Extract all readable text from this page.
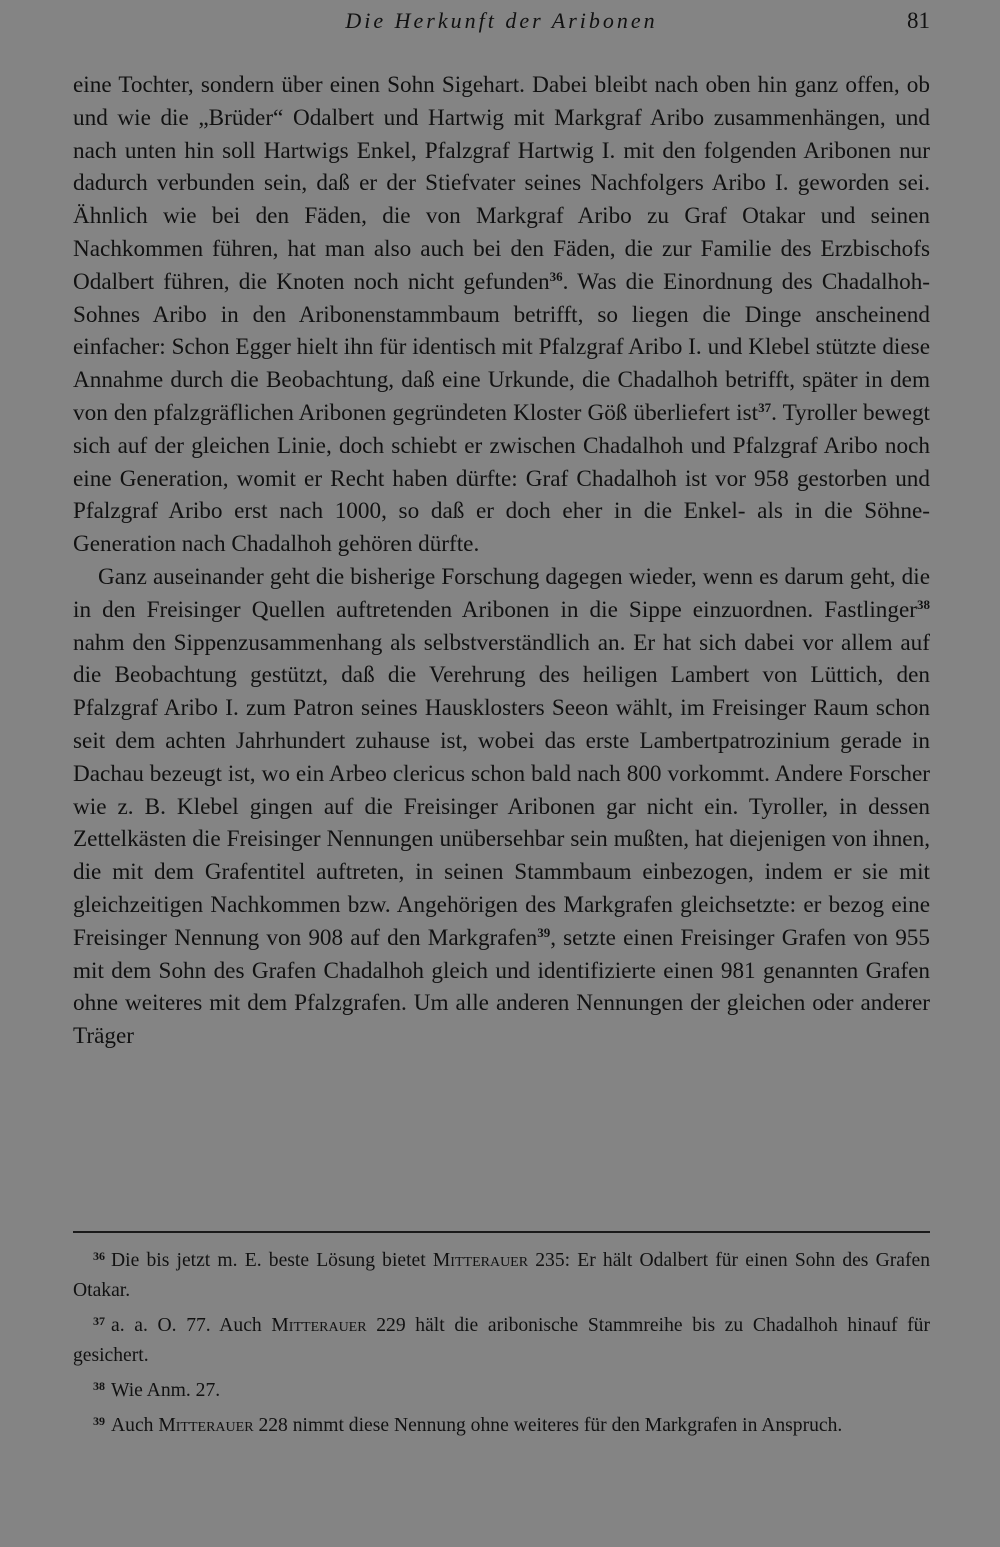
Die Herkunft der Aribonen	81

eine Tochter, sondern über einen Sohn Sigehart. Dabei bleibt nach oben hin ganz offen, ob und wie die „Brüder“ Odalbert und Hartwig mit Markgraf Aribo zusammenhängen, und nach unten hin soll Hartwigs Enkel, Pfalzgraf Hartwig I. mit den folgenden Aribonen nur dadurch verbunden sein, daß er der Stiefvater seines Nachfolgers Aribo I. geworden sei. Ähnlich wie bei den Fäden, die von Markgraf Aribo zu Graf Otakar und seinen Nachkommen führen, hat man also auch bei den Fäden, die zur Familie des Erzbischofs Odalbert führen, die Knoten noch nicht gefunden$^{36}$. Was die Einordnung des Chadalhoh-Sohnes Aribo in den Aribonenstammbaum betrifft, so liegen die Dinge anscheinend einfacher: Schon Egger hielt ihn für identisch mit Pfalzgraf Aribo I. und Klebel stützte diese Annahme durch die Beobachtung, daß eine Urkunde, die Chadalhoh betrifft, später in dem von den pfalzgräflichen Aribonen gegründeten Kloster Göß überliefert ist$^{37}$. Tyroller bewegt sich auf der gleichen Linie, doch schiebt er zwischen Chadalhoh und Pfalzgraf Aribo noch eine Generation, womit er Recht haben dürfte: Graf Chadalhoh ist vor 958 gestorben und Pfalzgraf Aribo erst nach 1000, so daß er doch eher in die Enkel- als in die Söhne-Generation nach Chadalhoh gehören dürfte.

Ganz auseinander geht die bisherige Forschung dagegen wieder, wenn es darum geht, die in den Freisinger Quellen auftretenden Aribonen in die Sippe einzuordnen. Fastlinger$^{38}$ nahm den Sippenzusammenhang als selbstverständlich an. Er hat sich dabei vor allem auf die Beobachtung gestützt, daß die Verehrung des heiligen Lambert von Lüttich, den Pfalzgraf Aribo I. zum Patron seines Hausklosters Seeon wählt, im Freisinger Raum schon seit dem achten Jahrhundert zuhause ist, wobei das erste Lambertpatrozinium gerade in Dachau bezeugt ist, wo ein Arbeo clericus schon bald nach 800 vorkommt. Andere Forscher wie z. B. Klebel gingen auf die Freisinger Aribonen gar nicht ein. Tyroller, in dessen Zettelkästen die Freisinger Nennungen unübersehbar sein mußten, hat diejenigen von ihnen, die mit dem Grafentitel auftreten, in seinen Stammbaum einbezogen, indem er sie mit gleichzeitigen Nachkommen bzw. Angehörigen des Markgrafen gleichsetzte: er bezog eine Freisinger Nennung von 908 auf den Markgrafen$^{39}$, setzte einen Freisinger Grafen von 955 mit dem Sohn des Grafen Chadalhoh gleich und identifizierte einen 981 genannten Grafen ohne weiteres mit dem Pfalzgrafen. Um alle anderen Nennungen der gleichen oder anderer Träger

$^{36}$ Die bis jetzt m. E. beste Lösung bietet Mitterauer 235: Er hält Odalbert für einen Sohn des Grafen Otakar.

$^{37}$ a. a. O. 77. Auch Mitterauer 229 hält die aribonische Stammreihe bis zu Chadalhoh hinauf für gesichert.

$^{38}$ Wie Anm. 27.

$^{39}$ Auch Mitterauer 228 nimmt diese Nennung ohne weiteres für den Markgrafen in Anspruch.
